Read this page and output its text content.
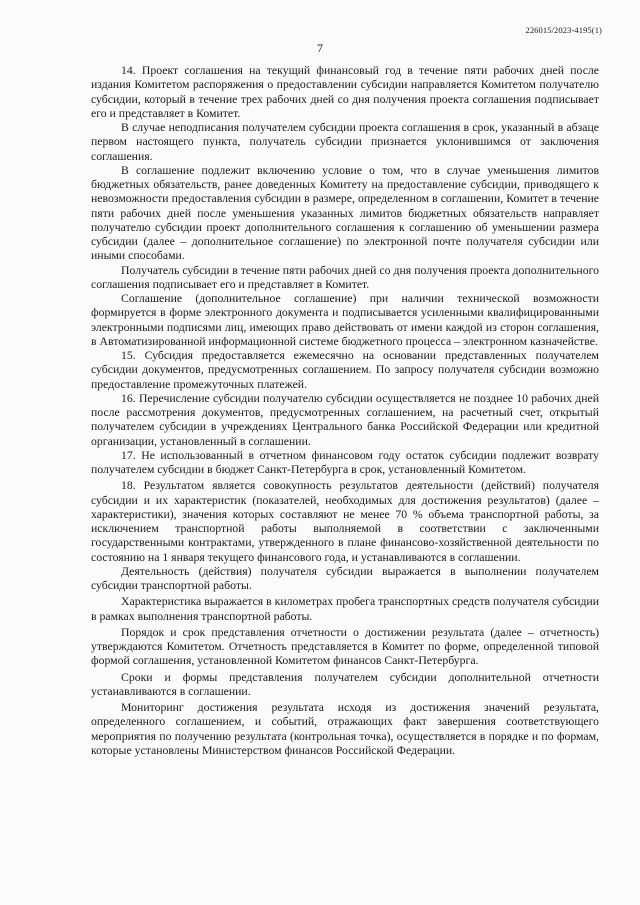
226015/2023-4195(1)
7

14. Проект соглашения на текущий финансовый год в течение пяти рабочих дней после издания Комитетом распоряжения о предоставлении субсидии направляется Комитетом получателю субсидии, который в течение трех рабочих дней со дня получения проекта соглашения подписывает его и представляет в Комитет.

В случае неподписания получателем субсидии проекта соглашения в срок, указанный в абзаце первом настоящего пункта, получатель субсидии признается уклонившимся от заключения соглашения.

В соглашение подлежит включению условие о том, что в случае уменьшения лимитов бюджетных обязательств, ранее доведенных Комитету на предоставление субсидии, приводящего к невозможности предоставления субсидии в размере, определенном в соглашении, Комитет в течение пяти рабочих дней после уменьшения указанных лимитов бюджетных обязательств направляет получателю субсидии проект дополнительного соглашения к соглашению об уменьшении размера субсидии (далее – дополнительное соглашение) по электронной почте получателя субсидии или иными способами.

Получатель субсидии в течение пяти рабочих дней со дня получения проекта дополнительного соглашения подписывает его и представляет в Комитет.

Соглашение (дополнительное соглашение) при наличии технической возможности формируется в форме электронного документа и подписывается усиленными квалифицированными электронными подписями лиц, имеющих право действовать от имени каждой из сторон соглашения, в Автоматизированной информационной системе бюджетного процесса – электронном казначействе.

15. Субсидия предоставляется ежемесячно на основании представленных получателем субсидии документов, предусмотренных соглашением. По запросу получателя субсидии возможно предоставление промежуточных платежей.

16. Перечисление субсидии получателю субсидии осуществляется не позднее 10 рабочих дней после рассмотрения документов, предусмотренных соглашением, на расчетный счет, открытый получателем субсидии в учреждениях Центрального банка Российской Федерации или кредитной организации, установленный в соглашении.

17. Не использованный в отчетном финансовом году остаток субсидии подлежит возврату получателем субсидии в бюджет Санкт-Петербурга в срок, установленный Комитетом.

18. Результатом является совокупность результатов деятельности (действий) получателя субсидии и их характеристик (показателей, необходимых для достижения результатов) (далее – характеристики), значения которых составляют не менее 70 % объема транспортной работы, за исключением транспортной работы выполняемой в соответствии с заключенными государственными контрактами, утвержденного в плане финансово-хозяйственной деятельности по состоянию на 1 января текущего финансового года, и устанавливаются в соглашении.

Деятельность (действия) получателя субсидии выражается в выполнении получателем субсидии транспортной работы.

Характеристика выражается в километрах пробега транспортных средств получателя субсидии в рамках выполнения транспортной работы.

Порядок и срок представления отчетности о достижении результата (далее – отчетность) утверждаются Комитетом. Отчетность представляется в Комитет по форме, определенной типовой формой соглашения, установленной Комитетом финансов Санкт-Петербурга.

Сроки и формы представления получателем субсидии дополнительной отчетности устанавливаются в соглашении.

Мониторинг достижения результата исходя из достижения значений результата, определенного соглашением, и событий, отражающих факт завершения соответствующего мероприятия по получению результата (контрольная точка), осуществляется в порядке и по формам, которые установлены Министерством финансов Российской Федерации.
